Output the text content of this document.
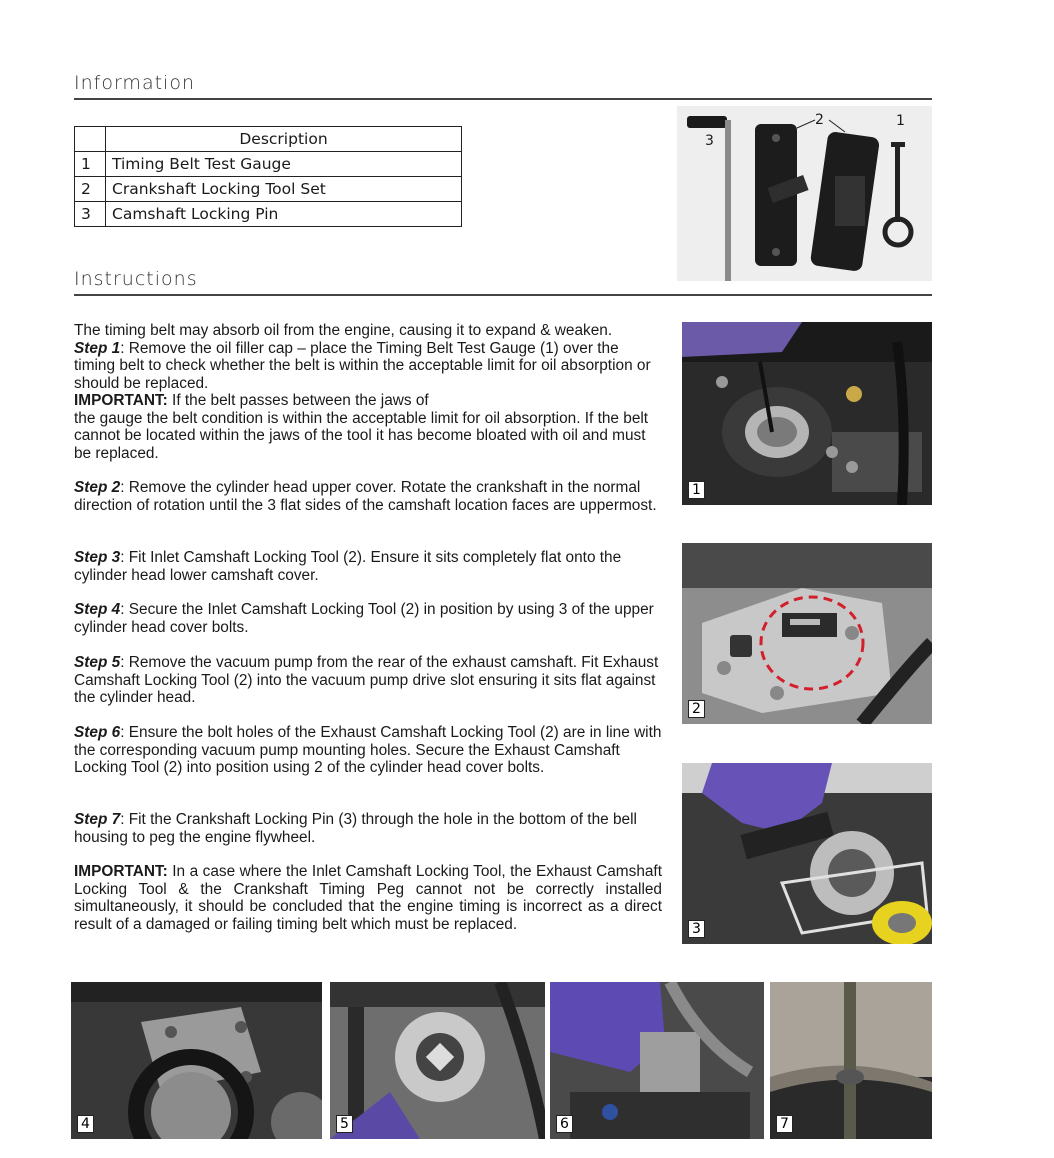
Information
	Description
1	Timing Belt Test Gauge
2	Crankshaft Locking Tool Set
3	Camshaft Locking Pin
3
2	1
Instructions

The timing belt may absorb oil from the engine, causing it to expand & weaken.

Step 1: Remove the oil filler cap – place the Timing Belt Test Gauge (1) over the timing belt to check whether the belt is within the acceptable limit for oil absorption or should be replaced.

IMPORTANT: If the belt passes between the jaws of

the gauge the belt condition is within the acceptable limit for oil absorption. If the belt cannot be located within the jaws of the tool it has become bloated with oil and must be replaced.

Step 2: Remove the cylinder head upper cover. Rotate the crankshaft in the normal direction of rotation until the 3 flat sides of the camshaft location faces are uppermost.

Step 3: Fit Inlet Camshaft Locking Tool (2). Ensure it sits completely flat onto the cylinder head lower camshaft cover.

Step 4: Secure the Inlet Camshaft Locking Tool (2) in position by using 3 of the upper cylinder head cover bolts.

Step 5: Remove the vacuum pump from the rear of the exhaust camshaft. Fit Exhaust Camshaft Locking Tool (2) into the vacuum pump drive slot ensuring it sits flat against the cylinder head.

Step 6: Ensure the bolt holes of the Exhaust Camshaft Locking Tool (2) are in line with the corresponding vacuum pump mounting holes. Secure the Exhaust Camshaft Locking Tool (2) into position using 2 of the cylinder head cover bolts.

Step 7: Fit the Crankshaft Locking Pin (3) through the hole in the bottom of the bell housing to peg the engine flywheel.

IMPORTANT: In a case where the Inlet Camshaft Locking Tool, the Exhaust Camshaft Locking Tool & the Crankshaft Timing Peg cannot not be correctly installed simultaneously, it should be concluded that the engine timing is incorrect as a direct result of a damaged or failing timing belt which must be replaced.

1
2
3
4	5	6	7
